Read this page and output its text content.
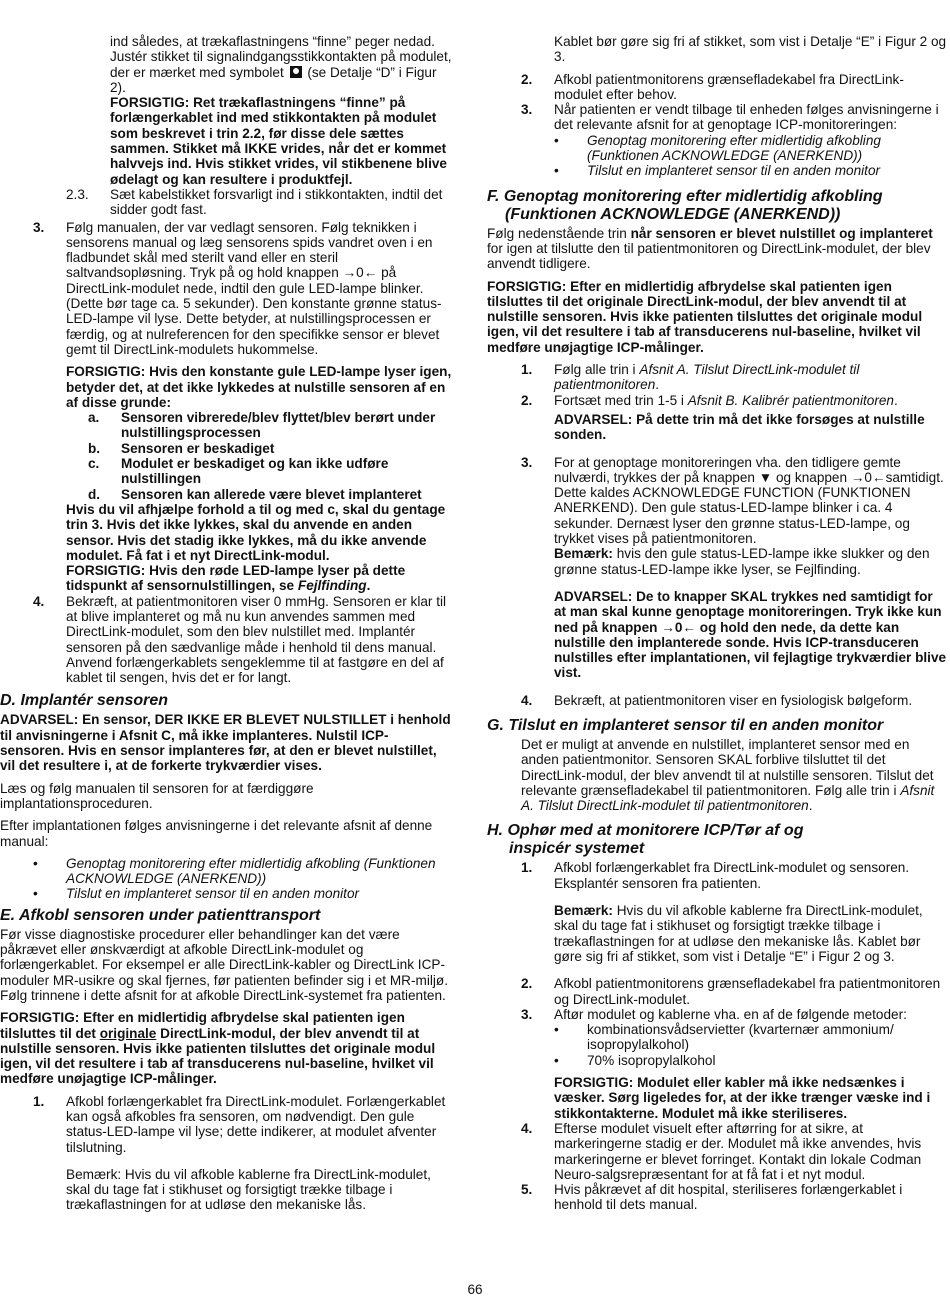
ind således, at trækaflastningens “finne” peger nedad. Justér stikket til signalindgangsstikkontakten på modulet, der er mærket med symbolet (se Detalje “D” i Figur 2).

FORSIGTIG: Ret trækaflastningens “finne” på forlængerkablet ind med stikkontakten på modulet som beskrevet i trin 2.2, før disse dele sættes sammen. Stikket må IKKE vrides, når det er kommet halvvejs ind. Hvis stikket vrides, vil stikbenene blive ødelagt og kan resultere i produktfejl.

2.3. Sæt kabelstikket forsvarligt ind i stikkontakten, indtil det sidder godt fast.
3. Følg manualen, der var vedlagt sensoren. Følg teknikken i sensorens manual og læg sensorens spids vandret oven i en fladbundet skål med sterilt vand eller en steril saltvandsopløsning. Tryk på og hold knappen →0← på DirectLink-modulet nede, indtil den gule LED-lampe blinker. (Dette bør tage ca. 5 sekunder). Den konstante grønne status-LED-lampe vil lyse. Dette betyder, at nulstillingsprocessen er færdig, og at nulreferencen for den specifikke sensor er blevet gemt til DirectLink-modulets hukommelse.

FORSIGTIG: Hvis den konstante gule LED-lampe lyser igen, betyder det, at det ikke lykkedes at nulstille sensoren af en af disse grunde:

a. Sensoren vibrerede/blev flyttet/blev berørt under nulstillingsprocessen
b. Sensoren er beskadiget
c. Modulet er beskadiget og kan ikke udføre nulstillingen
d. Sensoren kan allerede være blevet implanteret

Hvis du vil afhjælpe forhold a til og med c, skal du gentage trin 3. Hvis det ikke lykkes, skal du anvende en anden sensor. Hvis det stadig ikke lykkes, må du ikke anvende modulet. Få fat i et nyt DirectLink-modul.

FORSIGTIG: Hvis den røde LED-lampe lyser på dette tidspunkt af sensornulstillingen, se Fejlfinding.

4. Bekræft, at patientmonitoren viser 0 mmHg. Sensoren er klar til at blive implanteret og må nu kun anvendes sammen med DirectLink-modulet, som den blev nulstillet med. Implantér sensoren på den sædvanlige måde i henhold til dens manual. Anvend forlængerkablets sengeklemme til at fastgøre en del af kablet til sengen, hvis det er for langt.

D. Implantér sensoren

ADVARSEL: En sensor, DER IKKE ER BLEVET NULSTILLET i henhold til anvisningerne i Afsnit C, må ikke implanteres. Nulstil ICP-sensoren. Hvis en sensor implanteres før, at den er blevet nulstillet, vil det resultere i, at de forkerte trykværdier vises.

Læs og følg manualen til sensoren for at færdiggøre implantationsproceduren.

Efter implantationen følges anvisningerne i det relevante afsnit af denne manual:

• Genoptag monitorering efter midlertidig afkobling (Funktionen ACKNOWLEDGE (ANERKEND))
• Tilslut en implanteret sensor til en anden monitor

E. Afkobl sensoren under patienttransport

Før visse diagnostiske procedurer eller behandlinger kan det være påkrævet eller ønskværdigt at afkoble DirectLink-modulet og forlængerkablet. For eksempel er alle DirectLink-kabler og DirectLink ICP-moduler MR-usikre og skal fjernes, før patienten befinder sig i et MR-miljø. Følg trinnene i dette afsnit for at afkoble DirectLink-systemet fra patienten.

FORSIGTIG: Efter en midlertidig afbrydelse skal patienten igen tilsluttes til det originale DirectLink-modul, der blev anvendt til at nulstille sensoren. Hvis ikke patienten tilsluttes det originale modul igen, vil det resultere i tab af transducerens nul-baseline, hvilket vil medføre unøjagtige ICP-målinger.

1. Afkobl forlængerkablet fra DirectLink-modulet. Forlængerkablet kan også afkobles fra sensoren, om nødvendigt. Den gule status-LED-lampe vil lyse; dette indikerer, at modulet afventer tilslutning.
Bemærk: Hvis du vil afkoble kablerne fra DirectLink-modulet, skal du tage fat i stikhuset og forsigtigt trække tilbage i trækaflastningen for at udløse den mekaniske lås.

Kablet bør gøre sig fri af stikket, som vist i Detalje “E” i Figur 2 og 3.

2. Afkobl patientmonitorens grænsefladekabel fra DirectLink-modulet efter behov.
3. Når patienten er vendt tilbage til enheden følges anvisningerne i det relevante afsnit for at genoptage ICP-monitoreringen:
• Genoptag monitorering efter midlertidig afkobling (Funktionen ACKNOWLEDGE (ANERKEND))
• Tilslut en implanteret sensor til en anden monitor

F. Genoptag monitorering efter midlertidig afkobling
(Funktionen ACKNOWLEDGE (ANERKEND))

Følg nedenstående trin når sensoren er blevet nulstillet og implanteret for igen at tilslutte den til patientmonitoren og DirectLink-modulet, der blev anvendt tidligere.

FORSIGTIG: Efter en midlertidig afbrydelse skal patienten igen tilsluttes til det originale DirectLink-modul, der blev anvendt til at nulstille sensoren. Hvis ikke patienten tilsluttes det originale modul igen, vil det resultere i tab af transducerens nul-baseline, hvilket vil medføre unøjagtige ICP-målinger.

1. Følg alle trin i Afsnit A. Tilslut DirectLink-modulet til patientmonitoren.
2. Fortsæt med trin 1-5 i Afsnit B. Kalibrér patientmonitoren.
ADVARSEL: På dette trin må det ikke forsøges at nulstille sonden.
3. For at genoptage monitoreringen vha. den tidligere gemte nulværdi, trykkes der på knappen ▼ og knappen →0←samtidigt. Dette kaldes ACKNOWLEDGE FUNCTION (FUNKTIONEN ANERKEND). Den gule status-LED-lampe blinker i ca. 4 sekunder. Dernæst lyser den grønne status-LED-lampe, og trykket vises på patientmonitoren.
Bemærk: hvis den gule status-LED-lampe ikke slukker og den grønne status-LED-lampe ikke lyser, se Fejlfinding.
ADVARSEL: De to knapper SKAL trykkes ned samtidigt for at man skal kunne genoptage monitoreringen. Tryk ikke kun ned på knappen →0← og hold den nede, da dette kan nulstille den implanterede sonde. Hvis ICP-transduceren nulstilles efter implantationen, vil fejlagtige trykværdier blive vist.
4. Bekræft, at patientmonitoren viser en fysiologisk bølgeform.

G. Tilslut en implanteret sensor til en anden monitor

Det er muligt at anvende en nulstillet, implanteret sensor med en anden patientmonitor. Sensoren SKAL forblive tilsluttet til det DirectLink-modul, der blev anvendt til at nulstille sensoren. Tilslut det relevante grænsefladekabel til patientmonitoren. Følg alle trin i Afsnit A. Tilslut DirectLink-modulet til patientmonitoren.

H. Ophør med at monitorere ICP/Tør af og
inspicér systemet

1. Afkobl forlængerkablet fra DirectLink-modulet og sensoren. Eksplantér sensoren fra patienten.
Bemærk: Hvis du vil afkoble kablerne fra DirectLink-modulet, skal du tage fat i stikhuset og forsigtigt trække tilbage i trækaflastningen for at udløse den mekaniske lås. Kablet bør gøre sig fri af stikket, som vist i Detalje “E” i Figur 2 og 3.
2. Afkobl patientmonitorens grænsefladekabel fra patientmonitoren og DirectLink-modulet.
3. Aftør modulet og kablerne vha. en af de følgende metoder:
• kombinationsvådservietter (kvarternær ammonium/ isopropylalkohol)
• 70% isopropylalkohol
FORSIGTIG: Modulet eller kabler må ikke nedsænkes i væsker. Sørg ligeledes for, at der ikke trænger væske ind i stikkontakterne. Modulet må ikke steriliseres.
4. Efterse modulet visuelt efter aftørring for at sikre, at markeringerne stadig er der. Modulet må ikke anvendes, hvis markeringerne er blevet forringet. Kontakt din lokale Codman Neuro-salgsrepræsentant for at få fat i et nyt modul.
5. Hvis påkrævet af dit hospital, steriliseres forlængerkablet i henhold til dets manual.
66
